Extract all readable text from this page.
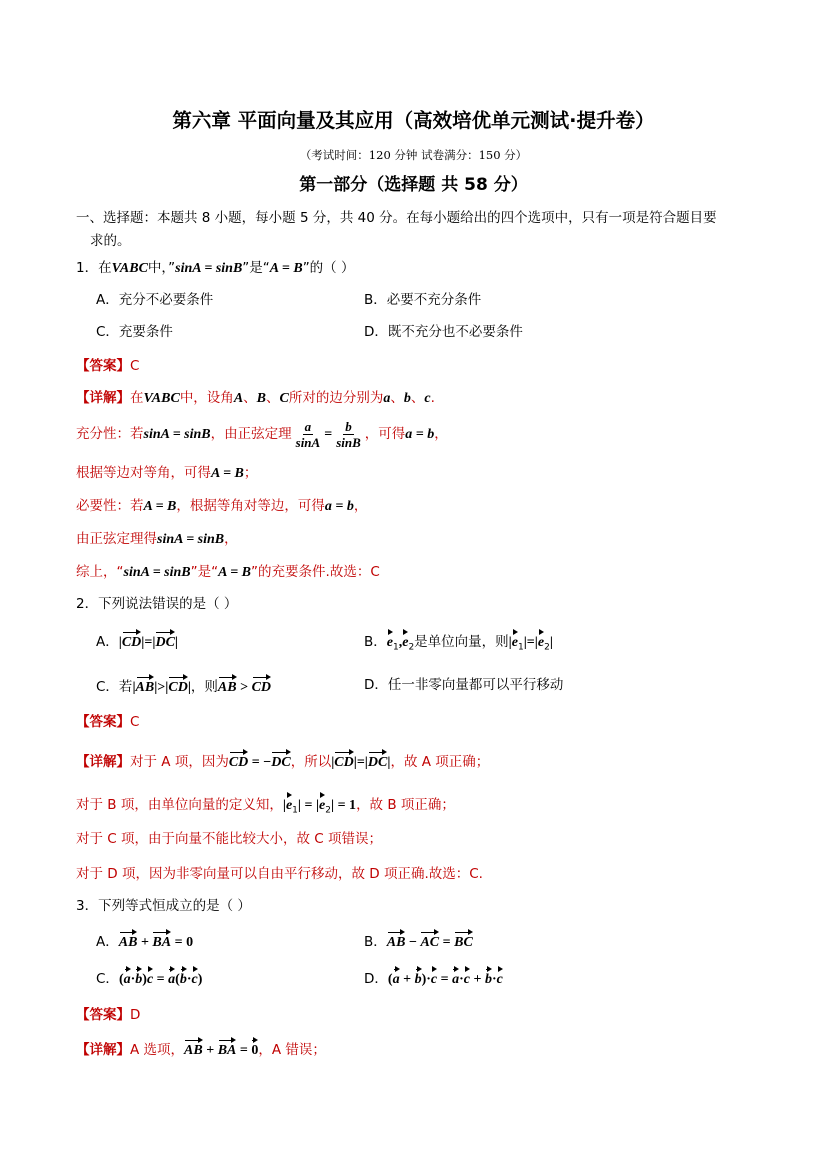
第六章 平面向量及其应用（高效培优单元测试·提升卷）
（考试时间：120 分钟 试卷满分：150 分）
第一部分（选择题 共 58 分）
一、选择题：本题共 8 小题，每小题 5 分，共 40 分。在每小题给出的四个选项中，只有一项是符合题目要
求的。
1．在VABC中，”sinA = sinB”是“A = B”的（ ）
A．充分不必要条件	B．必要不充分条件
C．充要条件	D．既不充分也不必要条件
【答案】C
【详解】在VABC中，设角A、B、C所对的边分别为a、b、c.
充分性：若sinA = sinB，由正弦定理 $\frac{a}{\sin A} = \frac{b}{\sin B}$ ，可得a = b，
根据等边对等角，可得A = B；
必要性：若A = B，根据等角对等边，可得a = b，
由正弦定理得sinA = sinB，
综上，“sinA = sinB”是“A = B”的充要条件.故选：C
2．下列说法错误的是（ ）
A．|CD|=|DC|	B．$e_1,e_2$是单位向量，则$|e_1|=|e_2|$
C．若|AB|>|CD|，则AB > CD	D．任一非零向量都可以平行移动
【答案】C
【详解】对于 A 项，因为CD = −DC，所以|CD|=|DC|，故 A 项正确；
对于 B 项，由单位向量的定义知，$|e_1| = |e_2| = 1$，故 B 项正确；
对于 C 项，由于向量不能比较大小，故 C 项错误；
对于 D 项，因为非零向量可以自由平行移动，故 D 项正确.故选：C.
3．下列等式恒成立的是（ ）
A．AB + BA = 0	B．AB − AC = BC
C．(a·b)c = a(b·c)	D．(a + b)·c = a·c + b·c
【答案】D
【详解】A 选项，AB + BA = 0，A 错误；
